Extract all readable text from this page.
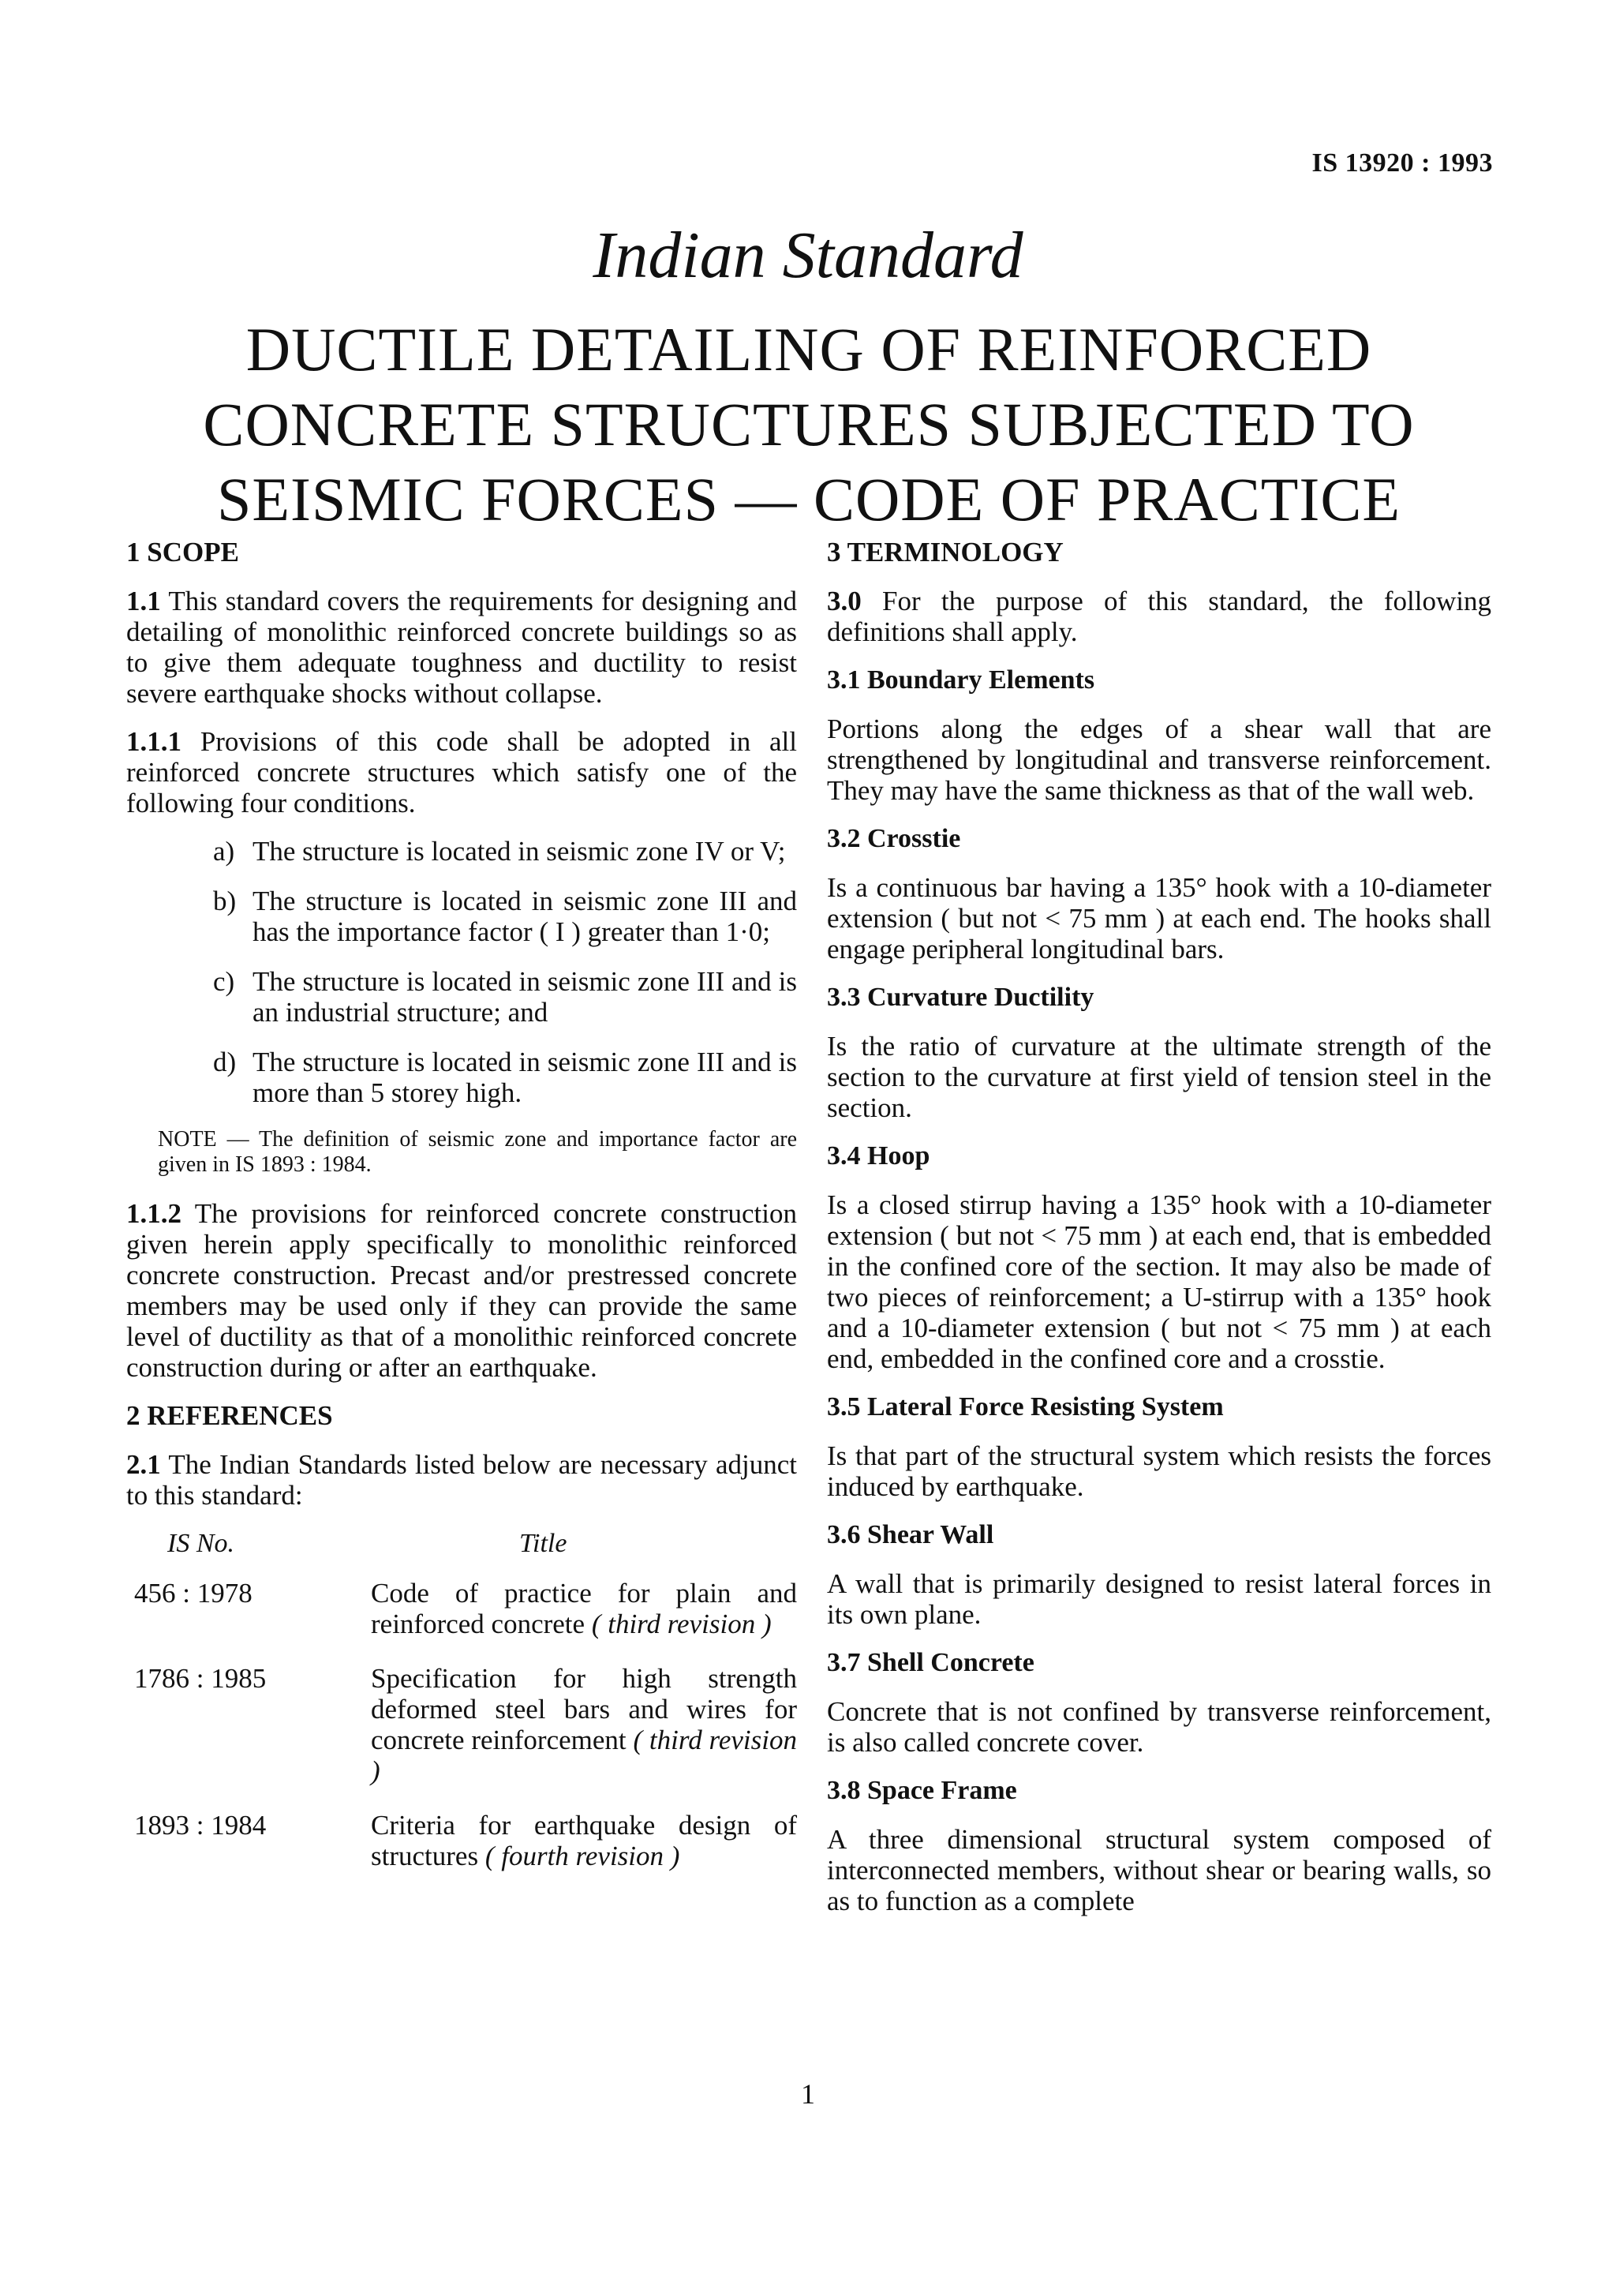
IS 13920 : 1993
Indian Standard
DUCTILE DETAILING OF REINFORCED
CONCRETE STRUCTURES SUBJECTED TO
SEISMIC FORCES — CODE OF PRACTICE
1 SCOPE

1.1 This standard covers the requirements for designing and detailing of monolithic reinforced concrete buildings so as to give them adequate toughness and ductility to resist severe earthquake shocks without collapse.

1.1.1 Provisions of this code shall be adopted in all reinforced concrete structures which satisfy one of the following four conditions.

a) The structure is located in seismic zone IV or V;
b) The structure is located in seismic zone III and has the importance factor ( I ) greater than 1·0;
c) The structure is located in seismic zone III and is an industrial structure; and
d) The structure is located in seismic zone III and is more than 5 storey high.

NOTE — The definition of seismic zone and importance factor are given in IS 1893 : 1984.

1.1.2 The provisions for reinforced concrete construction given herein apply specifically to monolithic reinforced concrete construction. Precast and/or prestressed concrete members may be used only if they can provide the same level of ductility as that of a monolithic reinforced concrete construction during or after an earthquake.

2 REFERENCES

2.1 The Indian Standards listed below are necessary adjunct to this standard:

IS No.	Title
456 : 1978	Code of practice for plain and reinforced concrete ( third revision )
1786 : 1985	Specification for high strength deformed steel bars and wires for concrete reinforcement ( third revision )
1893 : 1984	Criteria for earthquake design of structures ( fourth revision )
3 TERMINOLOGY

3.0 For the purpose of this standard, the following definitions shall apply.

3.1 Boundary Elements

Portions along the edges of a shear wall that are strengthened by longitudinal and transverse reinforcement. They may have the same thickness as that of the wall web.

3.2 Crosstie

Is a continuous bar having a 135° hook with a 10-diameter extension ( but not < 75 mm ) at each end. The hooks shall engage peripheral longitudinal bars.

3.3 Curvature Ductility

Is the ratio of curvature at the ultimate strength of the section to the curvature at first yield of tension steel in the section.

3.4 Hoop

Is a closed stirrup having a 135° hook with a 10-diameter extension ( but not < 75 mm ) at each end, that is embedded in the confined core of the section. It may also be made of two pieces of reinforcement; a U-stirrup with a 135° hook and a 10-diameter extension ( but not < 75 mm ) at each end, embedded in the confined core and a crosstie.

3.5 Lateral Force Resisting System

Is that part of the structural system which resists the forces induced by earthquake.

3.6 Shear Wall

A wall that is primarily designed to resist lateral forces in its own plane.

3.7 Shell Concrete

Concrete that is not confined by transverse reinforcement, is also called concrete cover.

3.8 Space Frame

A three dimensional structural system composed of interconnected members, without shear or bearing walls, so as to function as a complete

1
